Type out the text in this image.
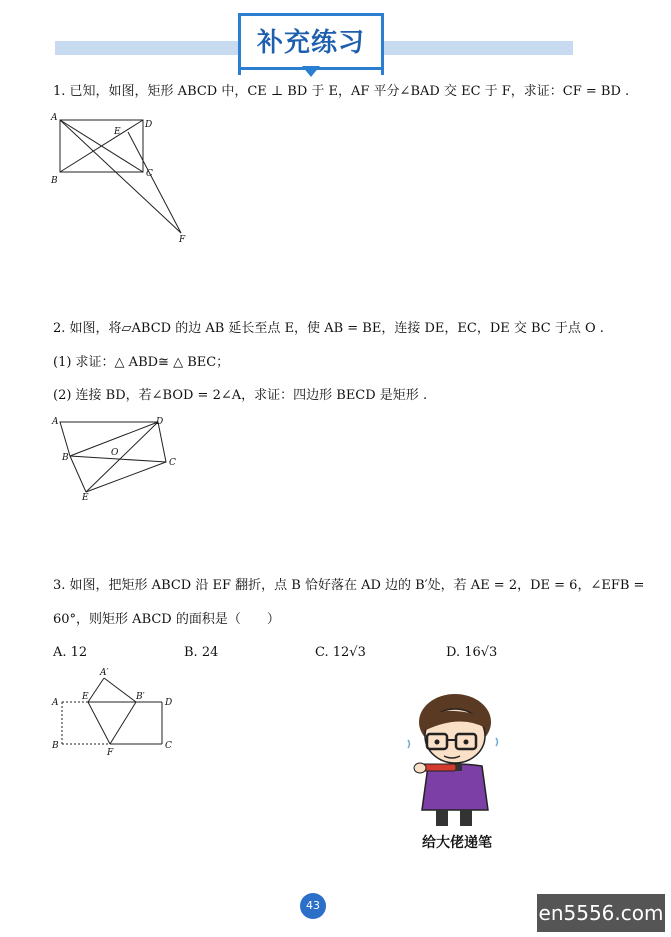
补充练习
1. 已知，如图，矩形 ABCD 中，CE ⊥ BD 于 E，AF 平分∠BAD 交 EC 于 F，求证：CF = BD .
A
B
C
D
E
F
2. 如图，将▱ABCD 的边 AB 延长至点 E，使 AB = BE，连接 DE，EC，DE 交 BC 于点 O .
(1) 求证：△ ABD≅ △ BEC；
(2) 连接 BD，若∠BOD = 2∠A，求证：四边形 BECD 是矩形 .
A
B	C
D
E
O
3. 如图，把矩形 ABCD 沿 EF 翻折，点 B 恰好落在 AD 边的 B′处，若 AE = 2，DE = 6，∠EFB =
60°，则矩形 ABCD 的面积是（　　）
A. 12	B. 24	C. 12√3	D. 16√3
A′
A
E	B′
D
B
F
C
给大佬递笔
43	en5556.com
